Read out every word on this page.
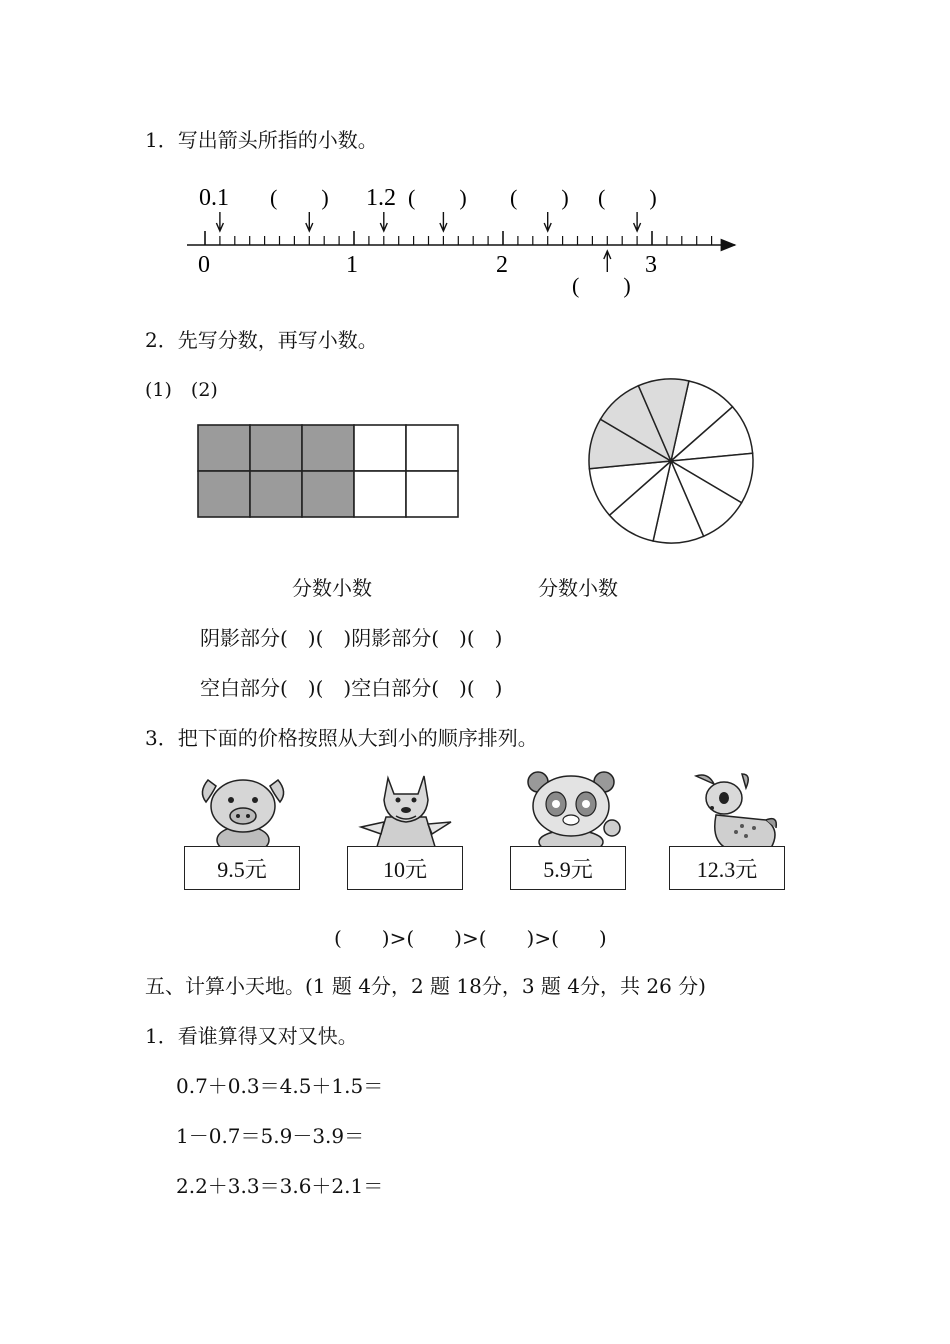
1．写出箭头所指的小数。
0.1 (　　) 1.2 (　　) (　　) (　　)
0	1	2	3
(　　)
2．先写分数，再写小数。
(1)　(2)
分数小数	分数小数
阴影部分(　)(　)阴影部分(　)(　)
空白部分(　)(　)空白部分(　)(　)
3．把下面的价格按照从大到小的顺序排列。
9.5元	10元	5.9元	12.3元
(　　)>(　　)>(　　)>(　　)
五、计算小天地。(1 题 4分，2 题 18分，3 题 4分，共 26 分)
1．看谁算得又对又快。
0.7＋0.3＝4.5＋1.5＝
1－0.7＝5.9－3.9＝
2.2＋3.3＝3.6＋2.1＝
